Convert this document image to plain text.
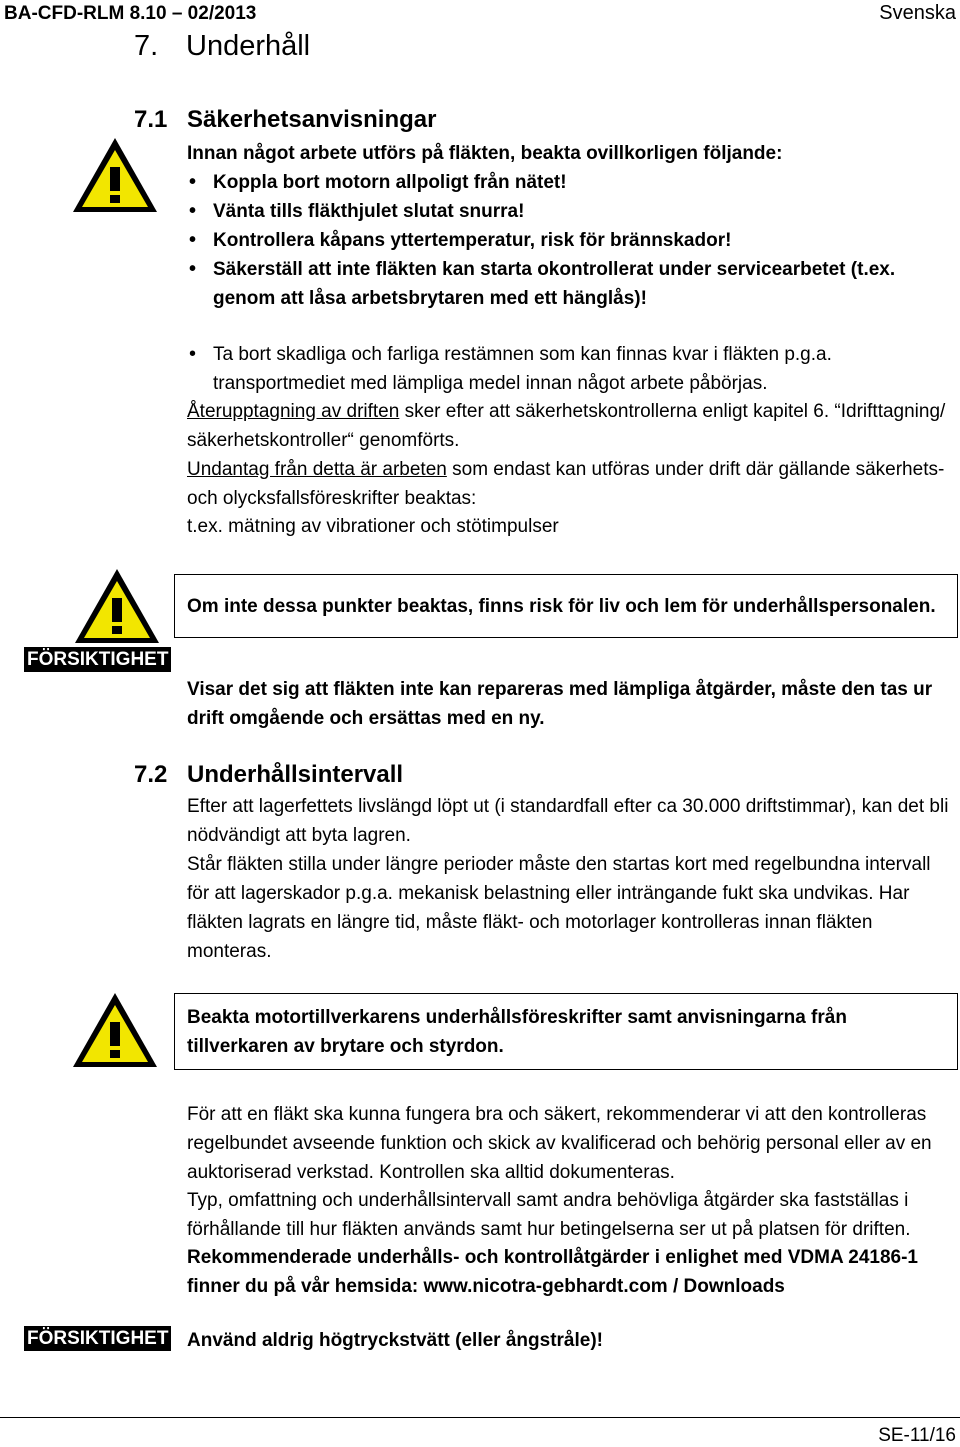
BA-CFD-RLM 8.10 – 02/2013	Svenska
7. Underhåll
7.1 Säkerhetsanvisningar
Innan något arbete utförs på fläkten, beakta ovillkorligen följande:
• Koppla bort motorn allpoligt från nätet!
• Vänta tills fläkthjulet slutat snurra!
• Kontrollera kåpans yttertemperatur, risk för brännskador!
• Säkerställ att inte fläkten kan starta okontrollerat under servicearbetet (t.ex. genom att låsa arbetsbrytaren med ett hänglås)!
• Ta bort skadliga och farliga restämnen som kan finnas kvar i fläkten p.g.a. transportmediet med lämpliga medel innan något arbete påbörjas.
Återupptagning av driften sker efter att säkerhetskontrollerna enligt kapitel 6. “Idrifttagning/ säkerhetskontroller“ genomförts.
Undantag från detta är arbeten som endast kan utföras under drift där gällande säkerhets- och olycksfallsföreskrifter beaktas:
t.ex. mätning av vibrationer och stötimpulser
Om inte dessa punkter beaktas, finns risk för liv och lem för underhållspersonalen.
FÖRSIKTIGHET
Visar det sig att fläkten inte kan repareras med lämpliga åtgärder, måste den tas ur drift omgående och ersättas med en ny.
7.2 Underhållsintervall
Efter att lagerfettets livslängd löpt ut (i standardfall efter ca 30.000 driftstimmar), kan det bli nödvändigt att byta lagren.
Står fläkten stilla under längre perioder måste den startas kort med regelbundna intervall för att lagerskador p.g.a. mekanisk belastning eller inträngande fukt ska undvikas. Har fläkten lagrats en längre tid, måste fläkt- och motorlager kontrolleras innan fläkten monteras.
Beakta motortillverkarens underhållsföreskrifter samt anvisningarna från tillverkaren av brytare och styrdon.
För att en fläkt ska kunna fungera bra och säkert, rekommenderar vi att den kontrolleras regelbundet avseende funktion och skick av kvalificerad och behörig personal eller av en auktoriserad verkstad. Kontrollen ska alltid dokumenteras.
Typ, omfattning och underhållsintervall samt andra behövliga åtgärder ska fastställas i förhållande till hur fläkten används samt hur betingelserna ser ut på platsen för driften.
Rekommenderade underhålls- och kontrollåtgärder i enlighet med VDMA 24186-1 finner du på vår hemsida: www.nicotra-gebhardt.com / Downloads
FÖRSIKTIGHET Använd aldrig högtryckstvätt (eller ångstråle)!
SE-11/16
